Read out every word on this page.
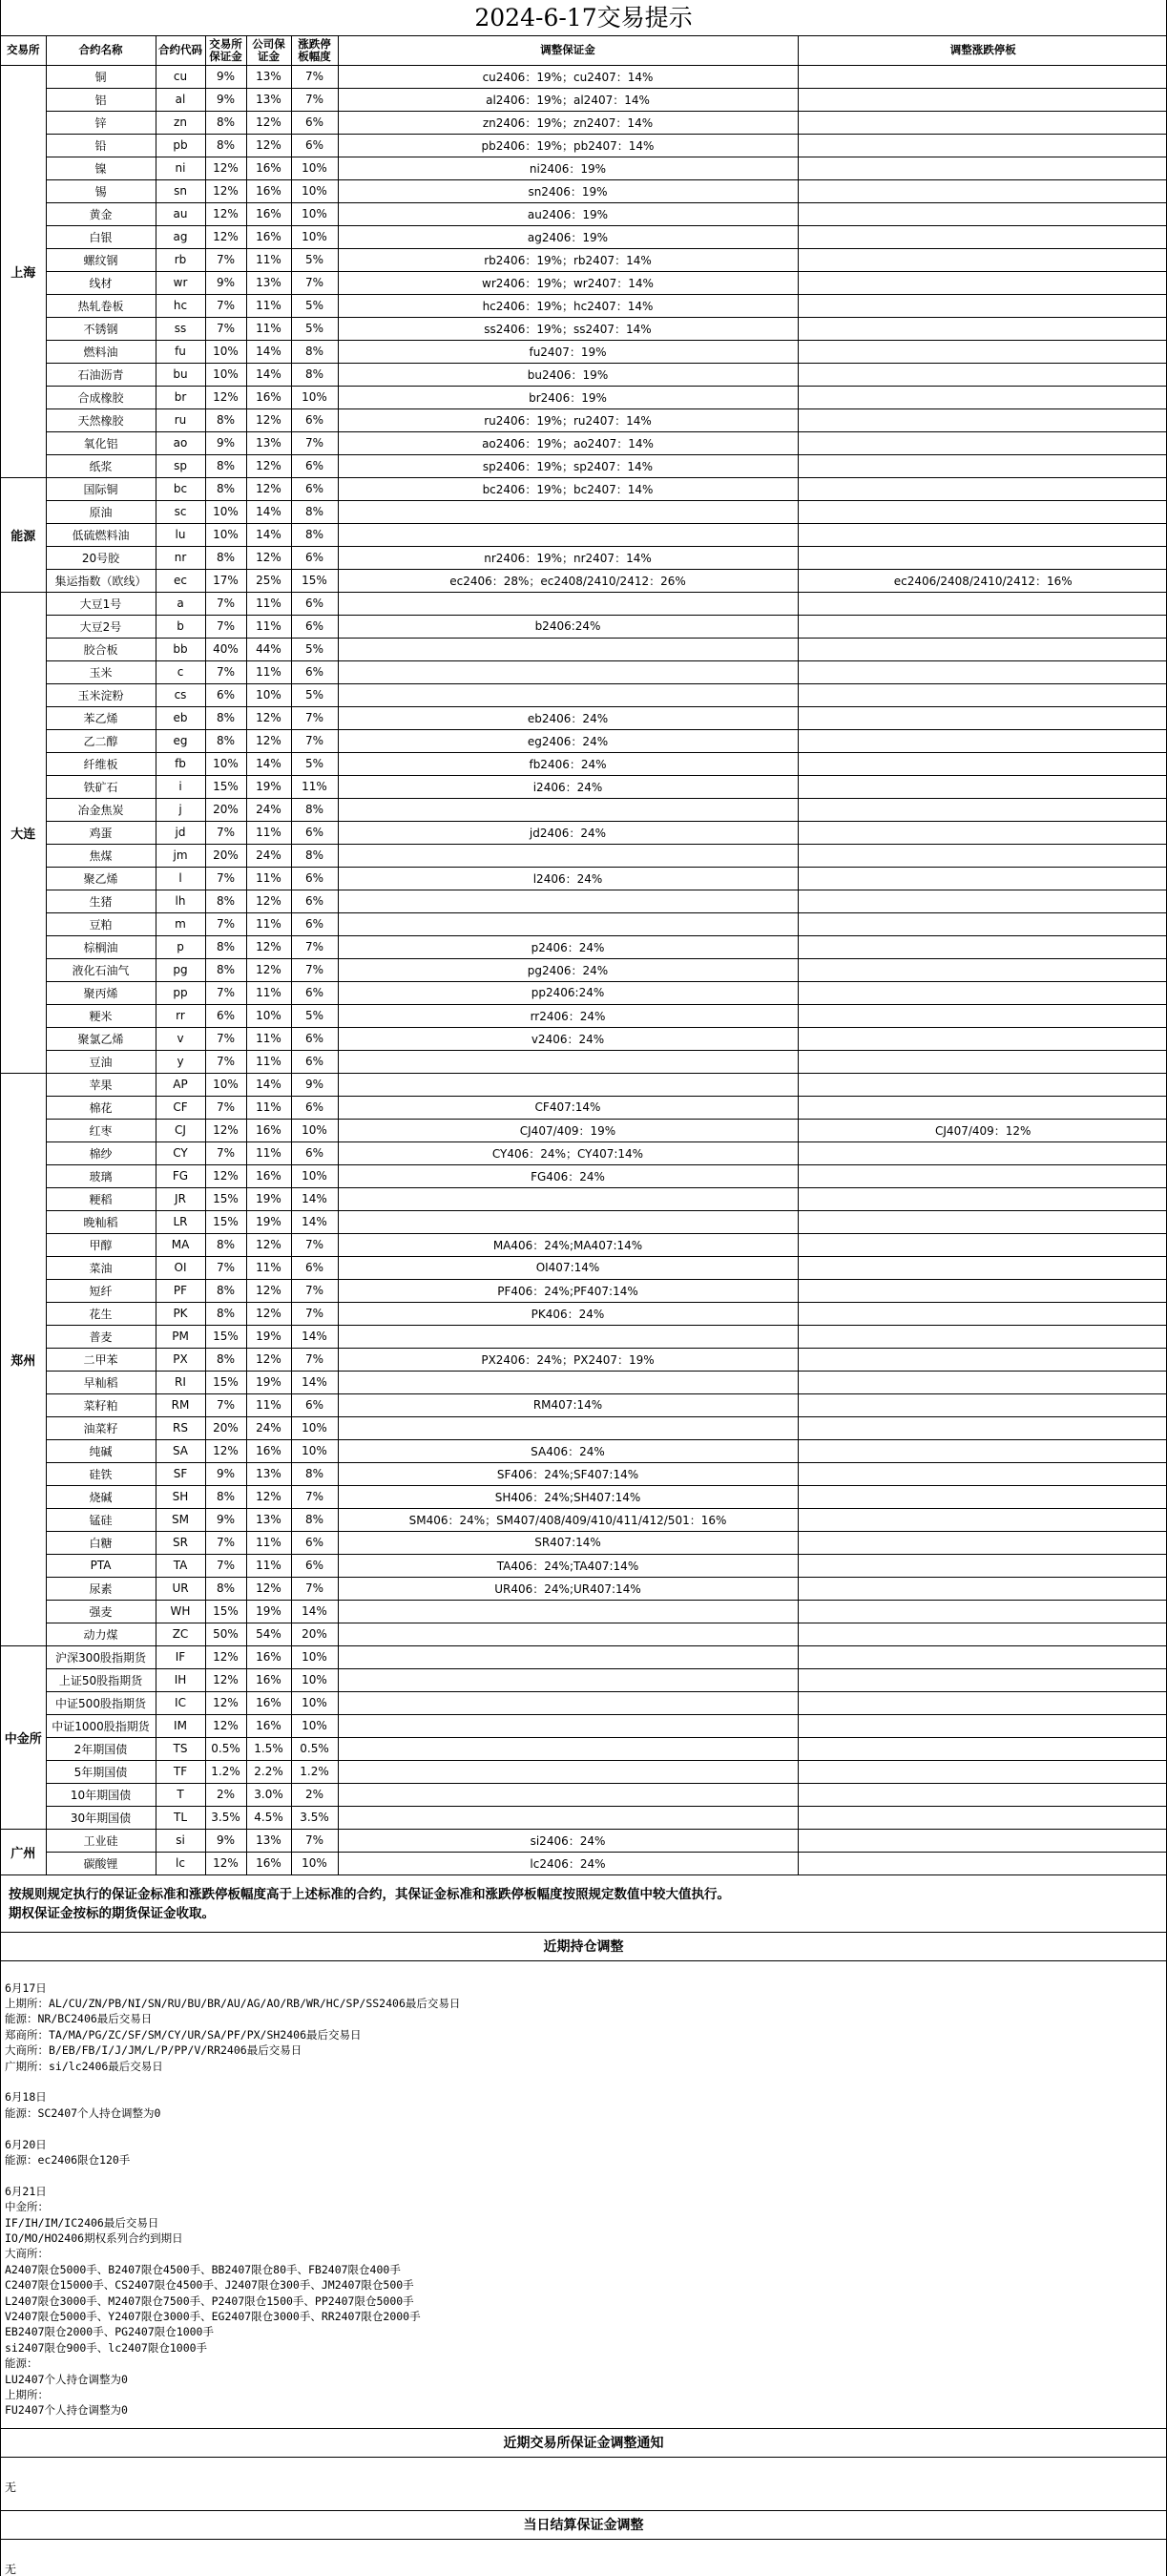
2024-6-17交易提示
交易所	合约名称	合约代码	交易所保证金	公司保证金	涨跌停板幅度	调整保证金	调整涨跌停板
上海	铜	cu	9%	13%	7%	cu2406：19%；cu2407：14%	
	铝	al	9%	13%	7%	al2406：19%；al2407：14%	
	锌	zn	8%	12%	6%	zn2406：19%；zn2407：14%	
	铅	pb	8%	12%	6%	pb2406：19%；pb2407：14%	
	镍	ni	12%	16%	10%	ni2406：19%	
	锡	sn	12%	16%	10%	sn2406：19%	
	黄金	au	12%	16%	10%	au2406：19%	
	白银	ag	12%	16%	10%	ag2406：19%	
	螺纹钢	rb	7%	11%	5%	rb2406：19%；rb2407：14%	
	线材	wr	9%	13%	7%	wr2406：19%；wr2407：14%	
	热轧卷板	hc	7%	11%	5%	hc2406：19%；hc2407：14%	
	不锈钢	ss	7%	11%	5%	ss2406：19%；ss2407：14%	
	燃料油	fu	10%	14%	8%	fu2407：19%	
	石油沥青	bu	10%	14%	8%	bu2406：19%	
	合成橡胶	br	12%	16%	10%	br2406：19%	
	天然橡胶	ru	8%	12%	6%	ru2406：19%；ru2407：14%	
	氧化铝	ao	9%	13%	7%	ao2406：19%；ao2407：14%	
	纸浆	sp	8%	12%	6%	sp2406：19%；sp2407：14%	
能源	国际铜	bc	8%	12%	6%	bc2406：19%；bc2407：14%	
	原油	sc	10%	14%	8%		
	低硫燃料油	lu	10%	14%	8%		
	20号胶	nr	8%	12%	6%	nr2406：19%；nr2407：14%	
	集运指数（欧线）	ec	17%	25%	15%	ec2406：28%；ec2408/2410/2412：26%	ec2406/2408/2410/2412：16%
大连	大豆1号	a	7%	11%	6%		
	大豆2号	b	7%	11%	6%	b2406:24%	
	胶合板	bb	40%	44%	5%		
	玉米	c	7%	11%	6%		
	玉米淀粉	cs	6%	10%	5%		
	苯乙烯	eb	8%	12%	7%	eb2406：24%	
	乙二醇	eg	8%	12%	7%	eg2406：24%	
	纤维板	fb	10%	14%	5%	fb2406：24%	
	铁矿石	i	15%	19%	11%	i2406：24%	
	冶金焦炭	j	20%	24%	8%		
	鸡蛋	jd	7%	11%	6%	jd2406：24%	
	焦煤	jm	20%	24%	8%		
	聚乙烯	l	7%	11%	6%	l2406：24%	
	生猪	lh	8%	12%	6%		
	豆粕	m	7%	11%	6%		
	棕榈油	p	8%	12%	7%	p2406：24%	
	液化石油气	pg	8%	12%	7%	pg2406：24%	
	聚丙烯	pp	7%	11%	6%	pp2406:24%	
	粳米	rr	6%	10%	5%	rr2406：24%	
	聚氯乙烯	v	7%	11%	6%	v2406：24%	
	豆油	y	7%	11%	6%		
郑州	苹果	AP	10%	14%	9%		
	棉花	CF	7%	11%	6%	CF407:14%	
	红枣	CJ	12%	16%	10%	CJ407/409：19%	CJ407/409：12%
	棉纱	CY	7%	11%	6%	CY406：24%；CY407:14%	
	玻璃	FG	12%	16%	10%	FG406：24%	
	粳稻	JR	15%	19%	14%		
	晚籼稻	LR	15%	19%	14%		
	甲醇	MA	8%	12%	7%	MA406：24%;MA407:14%	
	菜油	OI	7%	11%	6%	OI407:14%	
	短纤	PF	8%	12%	7%	PF406：24%;PF407:14%	
	花生	PK	8%	12%	7%	PK406：24%	
	普麦	PM	15%	19%	14%		
	二甲苯	PX	8%	12%	7%	PX2406：24%；PX2407：19%	
	早籼稻	RI	15%	19%	14%		
	菜籽粕	RM	7%	11%	6%	RM407:14%	
	油菜籽	RS	20%	24%	10%		
	纯碱	SA	12%	16%	10%	SA406：24%	
	硅铁	SF	9%	13%	8%	SF406：24%;SF407:14%	
	烧碱	SH	8%	12%	7%	SH406：24%;SH407:14%	
	锰硅	SM	9%	13%	8%	SM406：24%；SM407/408/409/410/411/412/501：16%	
	白糖	SR	7%	11%	6%	SR407:14%	
	PTA	TA	7%	11%	6%	TA406：24%;TA407:14%	
	尿素	UR	8%	12%	7%	UR406：24%;UR407:14%	
	强麦	WH	15%	19%	14%		
	动力煤	ZC	50%	54%	20%		
中金所	沪深300股指期货	IF	12%	16%	10%		
	上证50股指期货	IH	12%	16%	10%		
	中证500股指期货	IC	12%	16%	10%		
	中证1000股指期货	IM	12%	16%	10%		
	2年期国债	TS	0.5%	1.5%	0.5%		
	5年期国债	TF	1.2%	2.2%	1.2%		
	10年期国债	T	2%	3.0%	2%		
	30年期国债	TL	3.5%	4.5%	3.5%		
广州	工业硅	si	9%	13%	7%	si2406：24%	
	碳酸锂	lc	12%	16%	10%	lc2406：24%	
按规则规定执行的保证金标准和涨跌停板幅度高于上述标准的合约，其保证金标准和涨跌停板幅度按照规定数值中较大值执行。
期权保证金按标的期货保证金收取。
近期持仓调整
6月17日
上期所：AL/CU/ZN/PB/NI/SN/RU/BU/BR/AU/AG/AO/RB/WR/HC/SP/SS2406最后交易日
能源：NR/BC2406最后交易日
郑商所：TA/MA/PG/ZC/SF/SM/CY/UR/SA/PF/PX/SH2406最后交易日
大商所：B/EB/FB/I/J/JM/L/P/PP/V/RR2406最后交易日
广期所：si/lc2406最后交易日
6月18日
能源：SC2407个人持仓调整为0
6月20日
能源：ec2406限仓120手
6月21日
中金所：
IF/IH/IM/IC2406最后交易日
IO/MO/HO2406期权系列合约到期日
大商所：
A2407限仓5000手、B2407限仓4500手、BB2407限仓80手、FB2407限仓400手
C2407限仓15000手、CS2407限仓4500手、J2407限仓300手、JM2407限仓500手
L2407限仓3000手、M2407限仓7500手、P2407限仓1500手、PP2407限仓5000手
V2407限仓5000手、Y2407限仓3000手、EG2407限仓3000手、RR2407限仓2000手
EB2407限仓2000手、PG2407限仓1000手
si2407限仓900手、lc2407限仓1000手
能源：
LU2407个人持仓调整为0
上期所：
FU2407个人持仓调整为0
近期交易所保证金调整通知
无
当日结算保证金调整
无
